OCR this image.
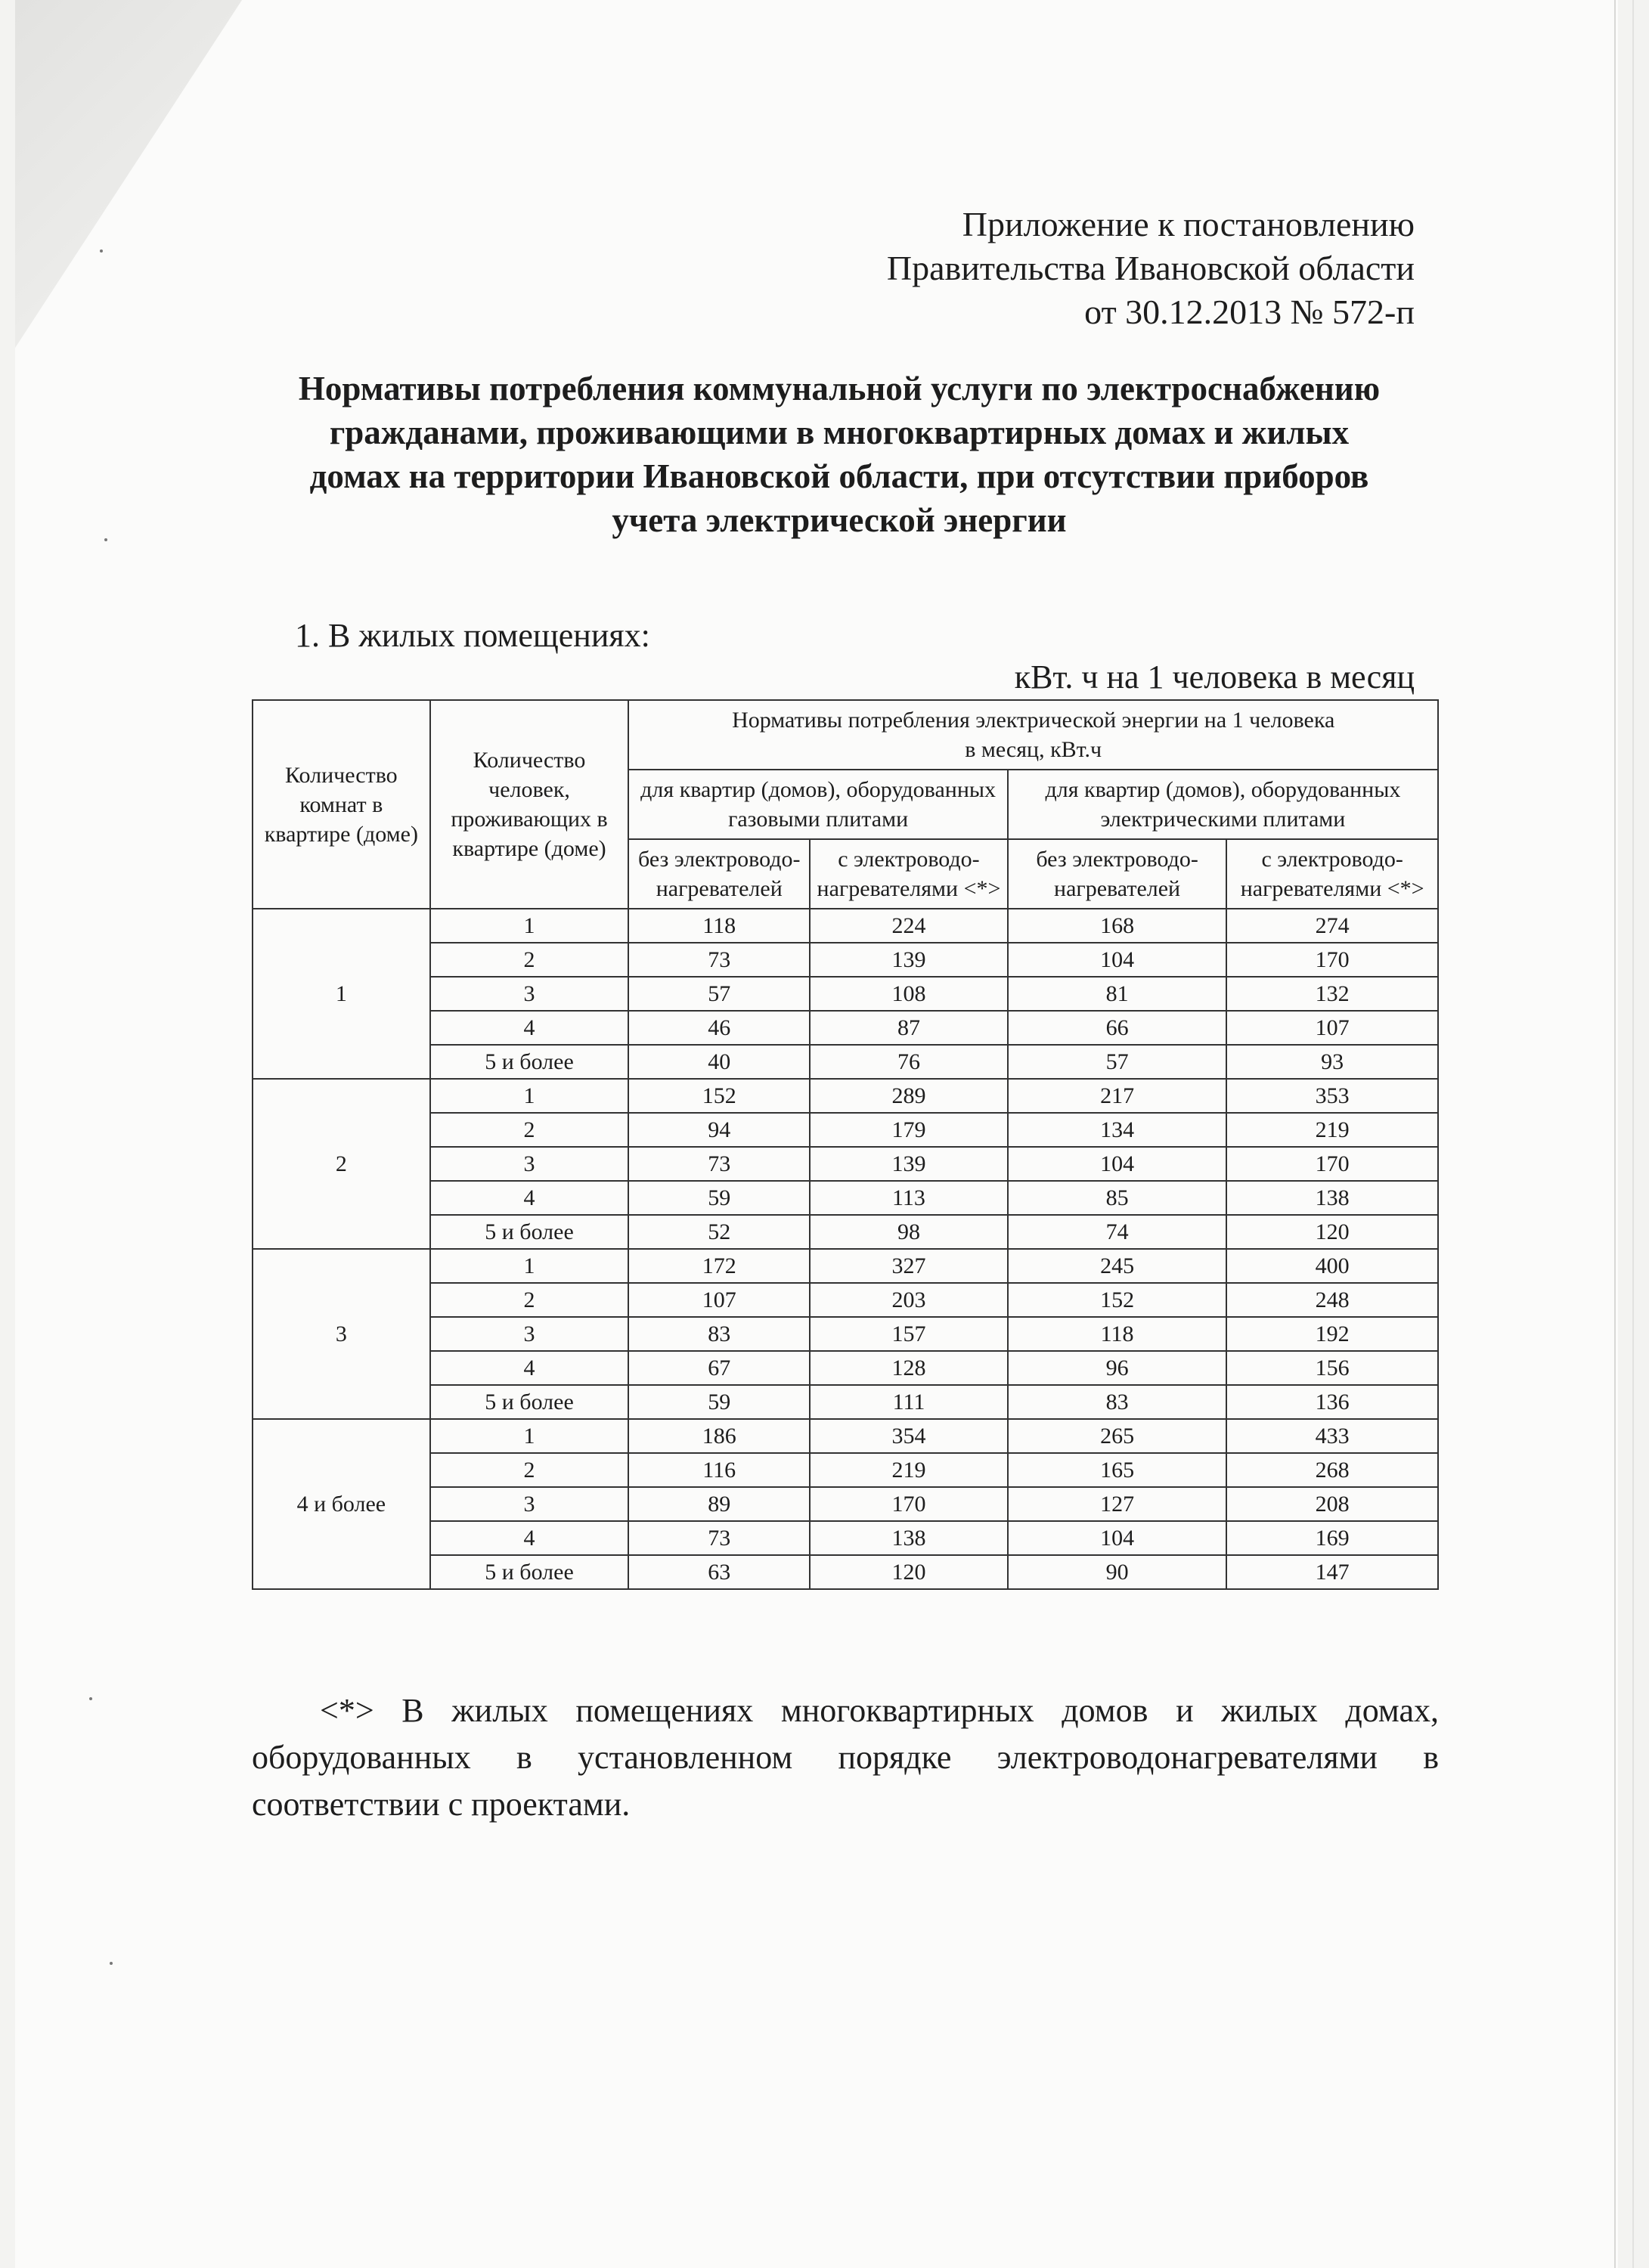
Приложение к постановлению
Правительства Ивановской области
от 30.12.2013 № 572-п
Нормативы потребления коммунальной услуги по электроснабжению
гражданами, проживающими в многоквартирных домах и жилых
домах на территории Ивановской области, при отсутствии приборов
учета электрической энергии
1. В жилых помещениях:
кВт. ч на 1 человека в месяц
Количество комнат в квартире (доме)	Количество человек, проживающих в квартире (доме)	Нормативы потребления электрической энергии на 1 человека
в месяц, кВт.ч			

		для квартир (домов), оборудованных газовыми плитами		для квартир (домов), оборудованных электрическими плитами	
		без электроводо-нагревателей	с электроводо-нагревателями <*>	без электроводо-нагревателей	с электроводо-нагревателями <*>
1	1	118	224	168	274
	2	73	139	104	170
	3	57	108	81	132
	4	46	87	66	107
	5 и более	40	76	57	93
2	1	152	289	217	353
	2	94	179	134	219
	3	73	139	104	170
	4	59	113	85	138
	5 и более	52	98	74	120
3	1	172	327	245	400
	2	107	203	152	248
	3	83	157	118	192
	4	67	128	96	156
	5 и более	59	111	83	136
4 и более	1	186	354	265	433
	2	116	219	165	268
	3	89	170	127	208
	4	73	138	104	169
	5 и более	63	120	90	147
<*> В жилых помещениях многоквартирных домов и жилых домах, оборудованных в установленном порядке электроводонагревателями в соответствии с проектами.
